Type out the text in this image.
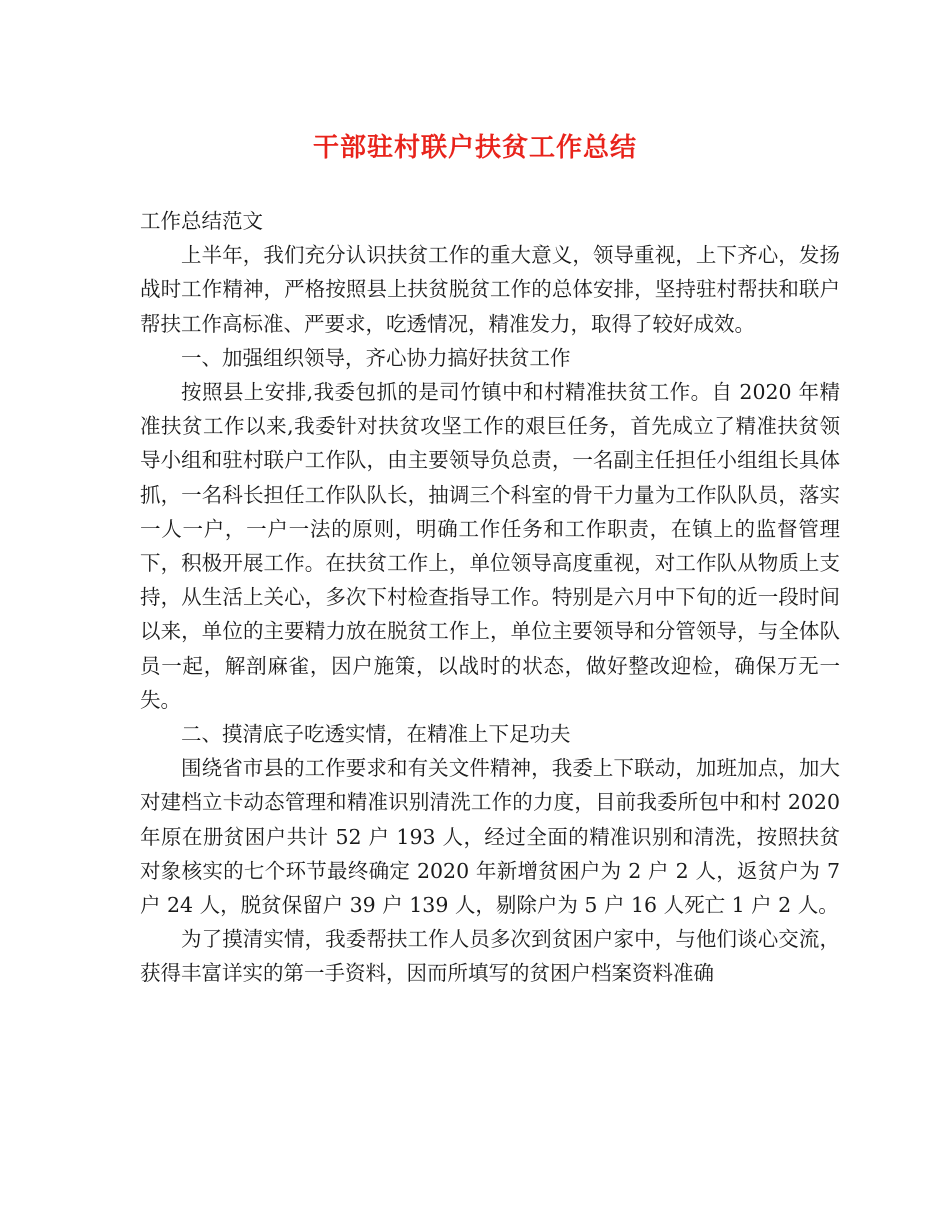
干部驻村联户扶贫工作总结

工作总结范文

上半年，我们充分认识扶贫工作的重大意义，领导重视，上下齐心，发扬战时工作精神，严格按照县上扶贫脱贫工作的总体安排，坚持驻村帮扶和联户帮扶工作高标准、严要求，吃透情况，精准发力，取得了较好成效。

一、加强组织领导，齐心协力搞好扶贫工作

按照县上安排,我委包抓的是司竹镇中和村精准扶贫工作。自 2020 年精准扶贫工作以来,我委针对扶贫攻坚工作的艰巨任务，首先成立了精准扶贫领导小组和驻村联户工作队，由主要领导负总责，一名副主任担任小组组长具体抓，一名科长担任工作队队长，抽调三个科室的骨干力量为工作队队员，落实一人一户，一户一法的原则，明确工作任务和工作职责，在镇上的监督管理下，积极开展工作。在扶贫工作上，单位领导高度重视，对工作队从物质上支持，从生活上关心，多次下村检查指导工作。特别是六月中下旬的近一段时间以来，单位的主要精力放在脱贫工作上，单位主要领导和分管领导，与全体队员一起，解剖麻雀，因户施策，以战时的状态，做好整改迎检，确保万无一失。

二、摸清底子吃透实情，在精准上下足功夫

围绕省市县的工作要求和有关文件精神，我委上下联动，加班加点，加大对建档立卡动态管理和精准识别清洗工作的力度，目前我委所包中和村 2020 年原在册贫困户共计 52 户 193 人，经过全面的精准识别和清洗，按照扶贫对象核实的七个环节最终确定 2020 年新增贫困户为 2 户 2 人，返贫户为 7 户 24 人，脱贫保留户 39 户 139 人，剔除户为 5 户 16 人死亡 1 户 2 人。

为了摸清实情，我委帮扶工作人员多次到贫困户家中，与他们谈心交流，获得丰富详实的第一手资料，因而所填写的贫困户档案资料准确
